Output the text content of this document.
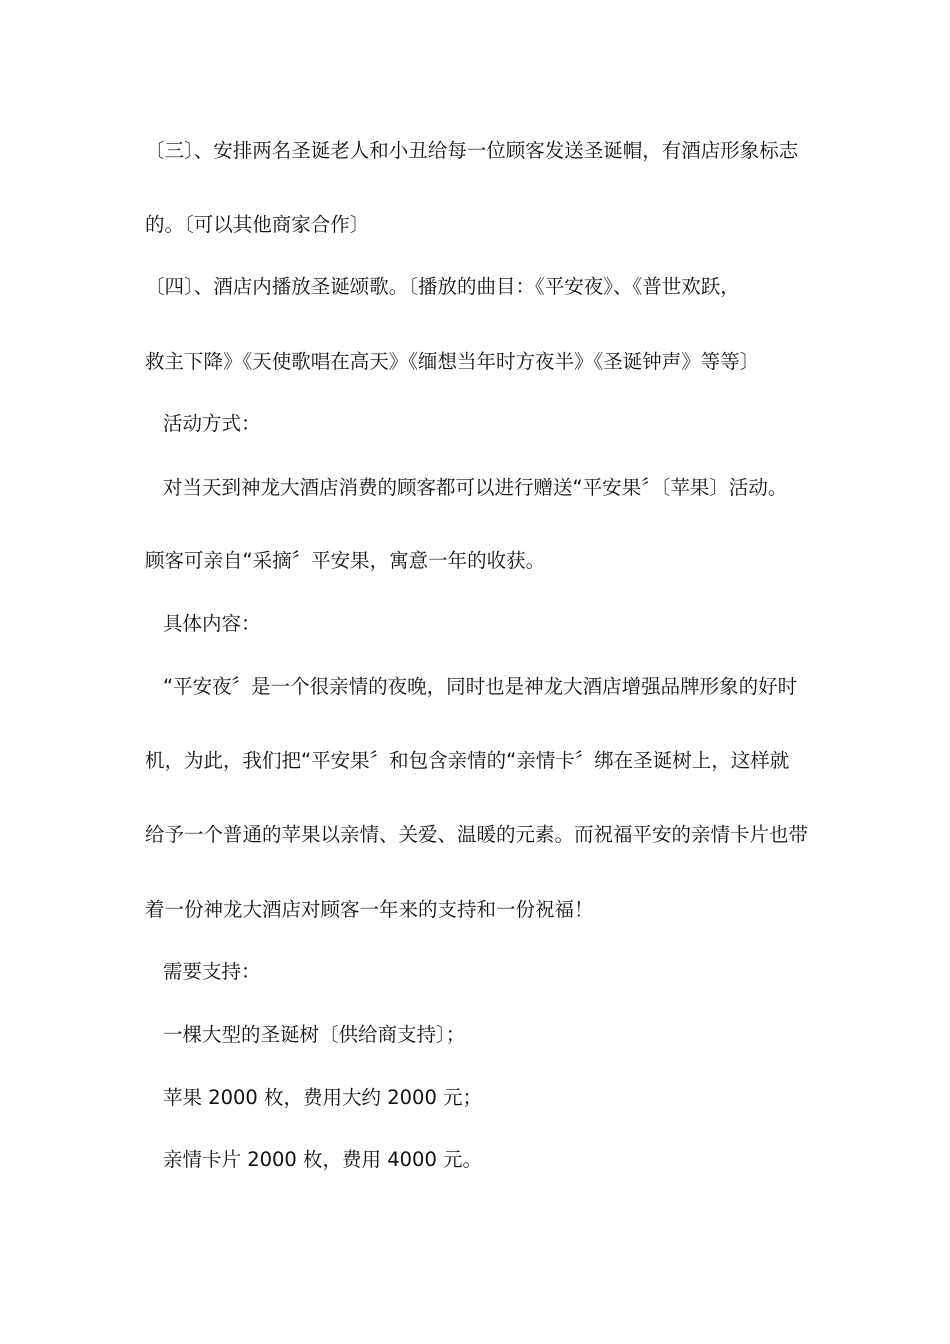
〔三〕、安排两名圣诞老人和小丑给每一位顾客发送圣诞帽，有酒店形象标志
的。〔可以其他商家合作〕
〔四〕、酒店内播放圣诞颂歌。〔播放的曲目：《平安夜》、《普世欢跃，
救主下降》《天使歌唱在高天》《缅想当年时方夜半》《圣诞钟声》等等〕
活动方式：
对当天到神龙大酒店消费的顾客都可以进行赠送“平安果〞〔苹果〕活动。
顾客可亲自“采摘〞平安果，寓意一年的收获。
具体内容：
“平安夜〞是一个很亲情的夜晚，同时也是神龙大酒店增强品牌形象的好时
机，为此，我们把“平安果〞和包含亲情的“亲情卡〞绑在圣诞树上，这样就
给予一个普通的苹果以亲情、关爱、温暖的元素。而祝福平安的亲情卡片也带
着一份神龙大酒店对顾客一年来的支持和一份祝福！
需要支持：
一棵大型的圣诞树〔供给商支持〕；
苹果 2000 枚，费用大约 2000 元；
亲情卡片 2000 枚，费用 4000 元。
